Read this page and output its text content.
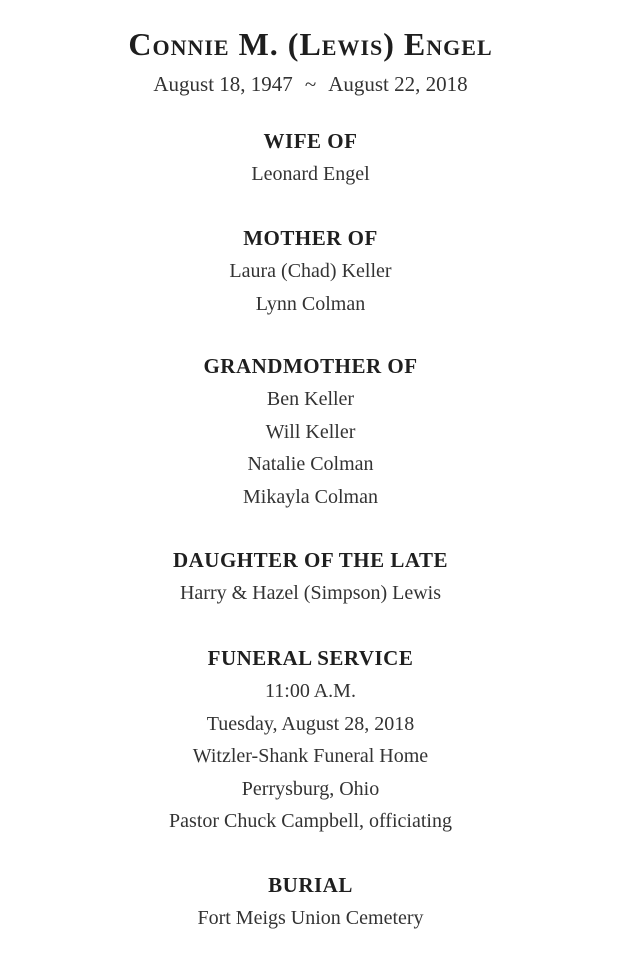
Connie M. (Lewis) Engel
August 18, 1947 ~ August 22, 2018
WIFE OF
Leonard Engel
MOTHER OF
Laura (Chad) Keller
Lynn Colman
GRANDMOTHER OF
Ben Keller
Will Keller
Natalie Colman
Mikayla Colman
DAUGHTER OF THE LATE
Harry & Hazel (Simpson) Lewis
FUNERAL SERVICE
11:00 A.M.
Tuesday, August 28, 2018
Witzler-Shank Funeral Home
Perrysburg, Ohio
Pastor Chuck Campbell, officiating
BURIAL
Fort Meigs Union Cemetery
